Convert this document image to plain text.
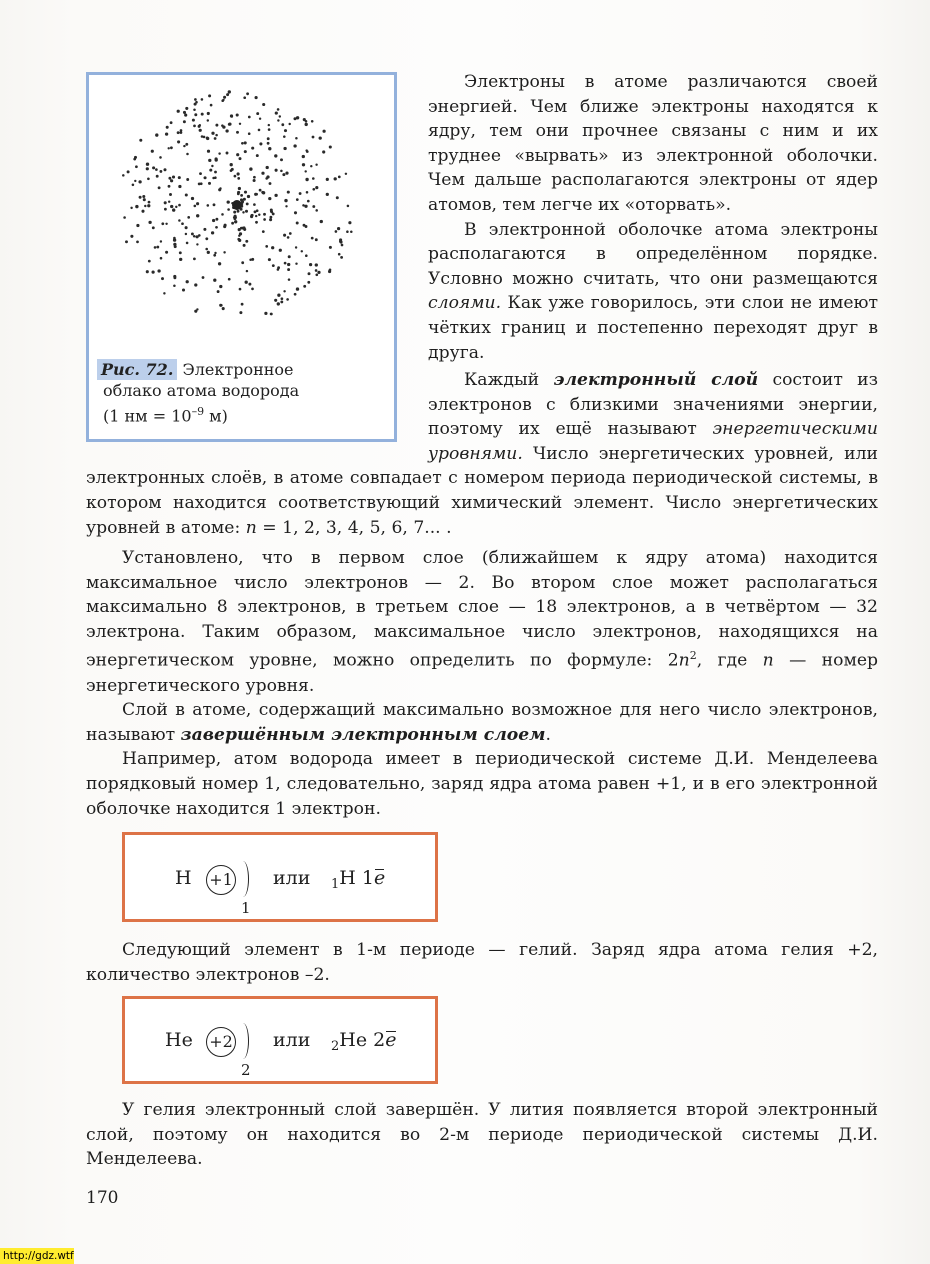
Рис. 72. Электронное
облако атома водорода
(1 нм = $10^{-9}$ м)

Электроны в атоме различаются своей энергией. Чем ближе электроны находятся к ядру, тем они прочнее связаны с ним и их труднее «вырвать» из электронной оболочки. Чем дальше располагаются электроны от ядер атомов, тем легче их «оторвать».

В электронной оболочке атома электроны располагаются в определённом порядке. Условно можно считать, что они размещаются слоями. Как уже говорилось, эти слои не имеют чётких границ и постепенно переходят друг в друга.

Каждый электронный слой состоит из электронов с близкими значениями энергии, поэтому их ещё называют энергетическими уровнями. Число энергетических уровней, или электронных слоёв, в атоме совпадает с номером периода периодической системы, в котором находится соответствующий химический элемент. Число энергетических уровней в атоме: n = 1, 2, 3, 4, 5, 6, 7... .

Установлено, что в первом слое (ближайшем к ядру атома) находится максимальное число электронов — 2. Во втором слое может располагаться максимально 8 электронов, в третьем слое — 18 электронов, а в четвёртом — 32 электрона. Таким образом, максимальное число электронов, находящихся на энергетическом уровне, можно определить по формуле: $2n^2$, где n — номер энергетического уровня.

Слой в атоме, содержащий максимально возможное для него число электронов, называют завершённым электронным слоем.

Например, атом водорода имеет в периодической системе Д.И. Менделеева порядковый номер 1, следовательно, заряд ядра атома равен +1, и в его электронной оболочке находится 1 электрон.

H +1
1
или $_1$H 1e

Следующий элемент в 1-м периоде — гелий. Заряд ядра атома гелия +2, количество электронов –2.

He +2
2
или $_2$He 2e

У гелия электронный слой завершён. У лития появляется второй электронный слой, поэтому он находится во 2-м периоде периодической системы Д.И. Менделеева.

170
http://gdz.wtf
